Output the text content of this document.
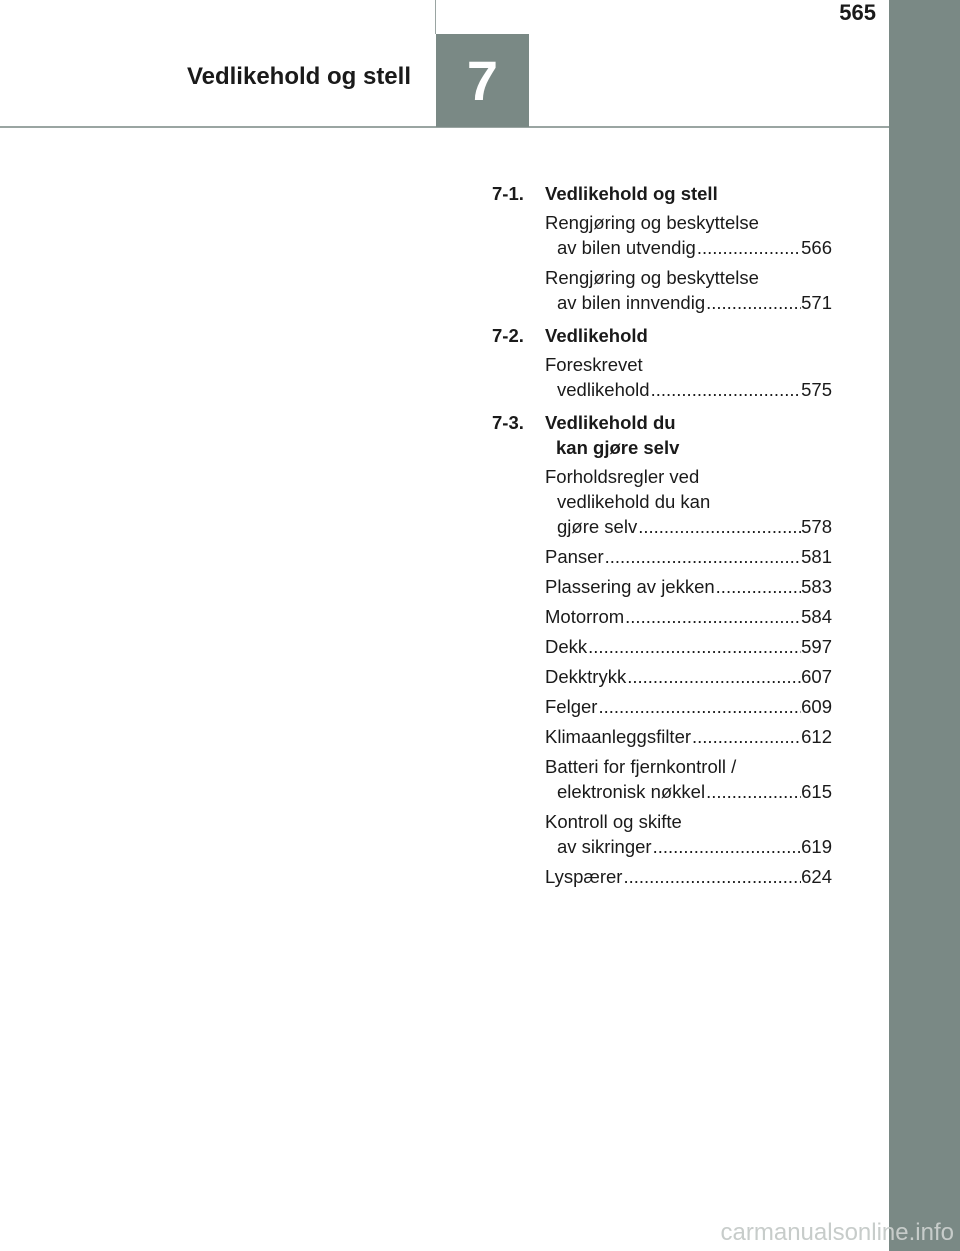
565
Vedlikehold og stell 7
7-1.	Vedlikehold og stell
Rengjøring og beskyttelse
av bilen utvendig .....	566
Rengjøring og beskyttelse
av bilen innvendig .....	571
7-2.	Vedlikehold
Foreskrevet
vedlikehold .....	575
7-3.	Vedlikehold du
kan gjøre selv
Forholdsregler ved
vedlikehold du kan
gjøre selv .....	578
Panser .....	581
Plassering av jekken .....	583
Motorrom .....	584
Dekk .....	597
Dekktrykk .....	607
Felger .....	609
Klimaanleggsfilter .....	612
Batteri for fjernkontroll /
elektronisk nøkkel .....	615
Kontroll og skifte
av sikringer .....	619
Lyspærer .....	624
carmanualsonline.info
